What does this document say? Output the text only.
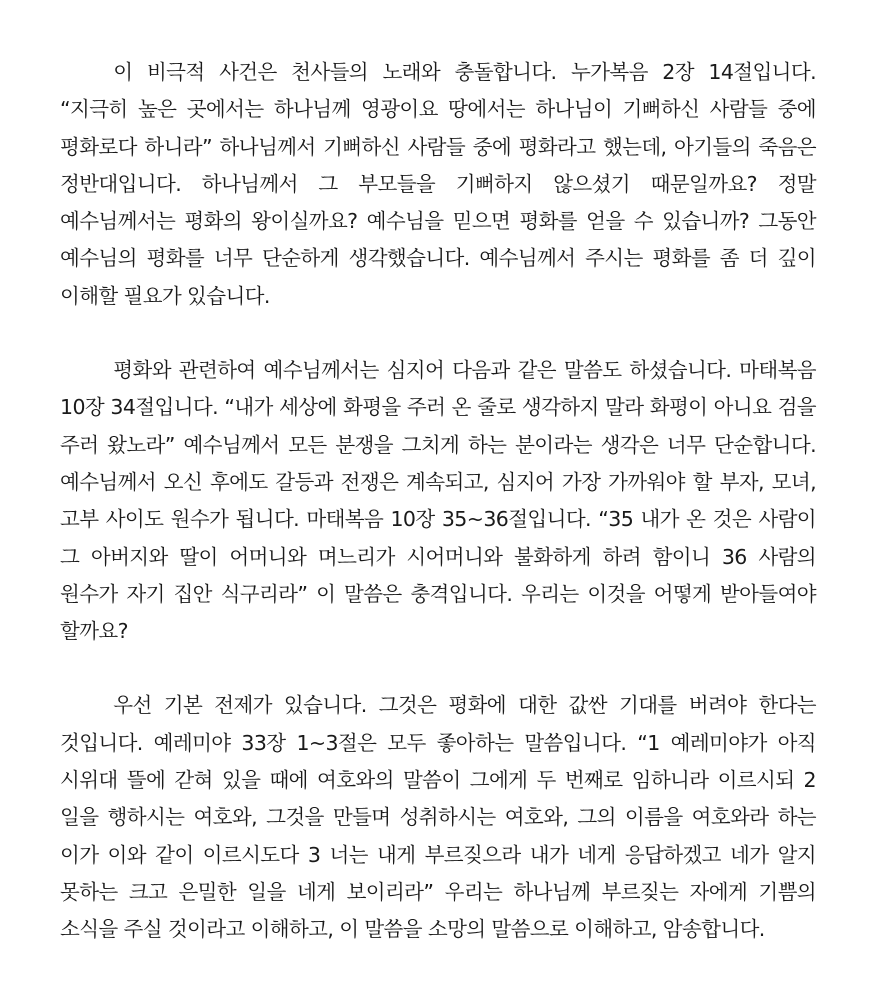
이 비극적 사건은 천사들의 노래와 충돌합니다. 누가복음 2장 14절입니다. “지극히 높은 곳에서는 하나님께 영광이요 땅에서는 하나님이 기뻐하신 사람들 중에 평화로다 하니라” 하나님께서 기뻐하신 사람들 중에 평화라고 했는데, 아기들의 죽음은 정반대입니다. 하나님께서 그 부모들을 기뻐하지 않으셨기 때문일까요? 정말 예수님께서는 평화의 왕이실까요? 예수님을 믿으면 평화를 얻을 수 있습니까? 그동안 예수님의 평화를 너무 단순하게 생각했습니다. 예수님께서 주시는 평화를 좀 더 깊이 이해할 필요가 있습니다.

평화와 관련하여 예수님께서는 심지어 다음과 같은 말씀도 하셨습니다. 마태복음 10장 34절입니다. “내가 세상에 화평을 주러 온 줄로 생각하지 말라 화평이 아니요 검을 주러 왔노라” 예수님께서 모든 분쟁을 그치게 하는 분이라는 생각은 너무 단순합니다. 예수님께서 오신 후에도 갈등과 전쟁은 계속되고, 심지어 가장 가까워야 할 부자, 모녀, 고부 사이도 원수가 됩니다. 마태복음 10장 35~36절입니다. “35 내가 온 것은 사람이 그 아버지와 딸이 어머니와 며느리가 시어머니와 불화하게 하려 함이니 36 사람의 원수가 자기 집안 식구리라” 이 말씀은 충격입니다. 우리는 이것을 어떻게 받아들여야 할까요?

우선 기본 전제가 있습니다. 그것은 평화에 대한 값싼 기대를 버려야 한다는 것입니다. 예레미야 33장 1~3절은 모두 좋아하는 말씀입니다. “1 예레미야가 아직 시위대 뜰에 갇혀 있을 때에 여호와의 말씀이 그에게 두 번째로 임하니라 이르시되 2 일을 행하시는 여호와, 그것을 만들며 성취하시는 여호와, 그의 이름을 여호와라 하는 이가 이와 같이 이르시도다 3 너는 내게 부르짖으라 내가 네게 응답하겠고 네가 알지 못하는 크고 은밀한 일을 네게 보이리라” 우리는 하나님께 부르짖는 자에게 기쁨의 소식을 주실 것이라고 이해하고, 이 말씀을 소망의 말씀으로 이해하고, 암송합니다.
